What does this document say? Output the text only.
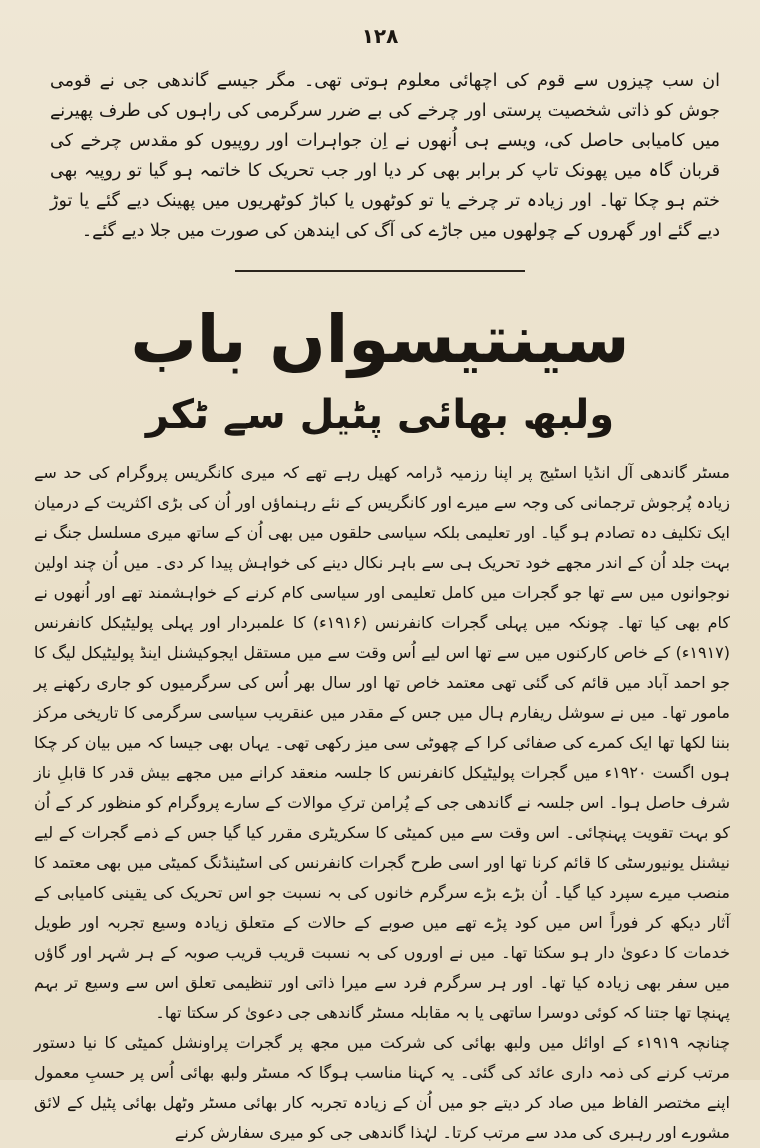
۱۲۸
ان سب چیزوں سے قوم کی اچھائی معلوم ہوتی تھی۔ مگر جیسے گاندھی جی نے قومی جوش کو ذاتی شخصیت پرستی اور چرخے کی بے ضرر سرگرمی کی راہوں کی طرف پھیرنے میں کامیابی حاصل کی، ویسے ہی اُنھوں نے اِن جواہرات اور روپیوں کو مقدس چرخے کی قربان گاہ میں پھونک تاپ کر برابر بھی کر دیا اور جب تحریک کا خاتمہ ہو گیا تو روپیہ بھی ختم ہو چکا تھا۔ اور زیادہ تر چرخے یا تو کوٹھوں یا کباڑ کوٹھریوں میں پھینک دیے گئے یا توڑ دیے گئے اور گھروں کے چولھوں میں جاڑے کی آگ کی ایندھن کی صورت میں جلا دیے گئے۔
سینتیسواں باب
ولبھ بھائی پٹیل سے ٹکر

مسٹر گاندھی آل انڈیا اسٹیج پر اپنا رزمیہ ڈرامہ کھیل رہے تھے کہ میری کانگریس پروگرام کی حد سے زیادہ پُرجوش ترجمانی کی وجہ سے میرے اور کانگریس کے نئے رہنماؤں اور اُن کی بڑی اکثریت کے درمیان ایک تکلیف دہ تصادم ہو گیا۔ اور تعلیمی بلکہ سیاسی حلقوں میں بھی اُن کے ساتھ میری مسلسل جنگ نے بہت جلد اُن کے اندر مجھے خود تحریک ہی سے باہر نکال دینے کی خواہش پیدا کر دی۔ میں اُن چند اولین نوجوانوں میں سے تھا جو گجرات میں کامل تعلیمی اور سیاسی کام کرنے کے خواہشمند تھے اور اُنھوں نے کام بھی کیا تھا۔ چونکہ میں پہلی گجرات کانفرنس (۱۹۱۶ء) کا علمبردار اور پہلی پولیٹیکل کانفرنس (۱۹۱۷ء) کے خاص کارکنوں میں سے تھا اس لیے اُس وقت سے میں مستقل ایجوکیشنل اینڈ پولیٹیکل لیگ کا جو احمد آباد میں قائم کی گئی تھی معتمد خاص تھا اور سال بھر اُس کی سرگرمیوں کو جاری رکھنے پر مامور تھا۔ میں نے سوشل ریفارم ہال میں جس کے مقدر میں عنقریب سیاسی سرگرمی کا تاریخی مرکز بننا لکھا تھا ایک کمرے کی صفائی کرا کے چھوٹی سی میز رکھی تھی۔ یہاں بھی جیسا کہ میں بیان کر چکا ہوں اگست ۱۹۲۰ء میں گجرات پولیٹیکل کانفرنس کا جلسہ منعقد کرانے میں مجھے بیش قدر کا قابلِ ناز شرف حاصل ہوا۔ اس جلسہ نے گاندھی جی کے پُرامن ترکِ موالات کے سارے پروگرام کو منظور کر کے اُن کو بہت تقویت پہنچائی۔ اس وقت سے میں کمیٹی کا سکریٹری مقرر کیا گیا جس کے ذمے گجرات کے لیے نیشنل یونیورسٹی کا قائم کرنا تھا اور اسی طرح گجرات کانفرنس کی اسٹینڈنگ کمیٹی میں بھی معتمد کا منصب میرے سپرد کیا گیا۔ اُن بڑے بڑے سرگرم خانوں کی بہ نسبت جو اس تحریک کی یقینی کامیابی کے آثار دیکھ کر فوراً اس میں کود پڑے تھے میں صوبے کے حالات کے متعلق زیادہ وسیع تجربہ اور طویل خدمات کا دعویٰ دار ہو سکتا تھا۔ میں نے اوروں کی بہ نسبت قریب قریب صوبہ کے ہر شہر اور گاؤں میں سفر بھی زیادہ کیا تھا۔ اور ہر سرگرم فرد سے میرا ذاتی اور تنظیمی تعلق اس سے وسیع تر بہم پہنچا تھا جتنا کہ کوئی دوسرا ساتھی یا بہ مقابلہ مسٹر گاندھی جی دعویٰ کر سکتا تھا۔

چنانچہ ۱۹۱۹ء کے اوائل میں ولبھ بھائی کی شرکت میں مجھ پر گجرات پراونشل کمیٹی کا نیا دستور مرتب کرنے کی ذمہ داری عائد کی گئی۔ یہ کہنا مناسب ہوگا کہ مسٹر ولبھ بھائی اُس پر حسبِ معمول اپنے مختصر الفاظ میں صاد کر دیتے جو میں اُن کے زیادہ تجربہ کار بھائی مسٹر وٹھل بھائی پٹیل کے لائق مشورے اور رہبری کی مدد سے مرتب کرتا۔ لہٰذا گاندھی جی کو میری سفارش کرنے
